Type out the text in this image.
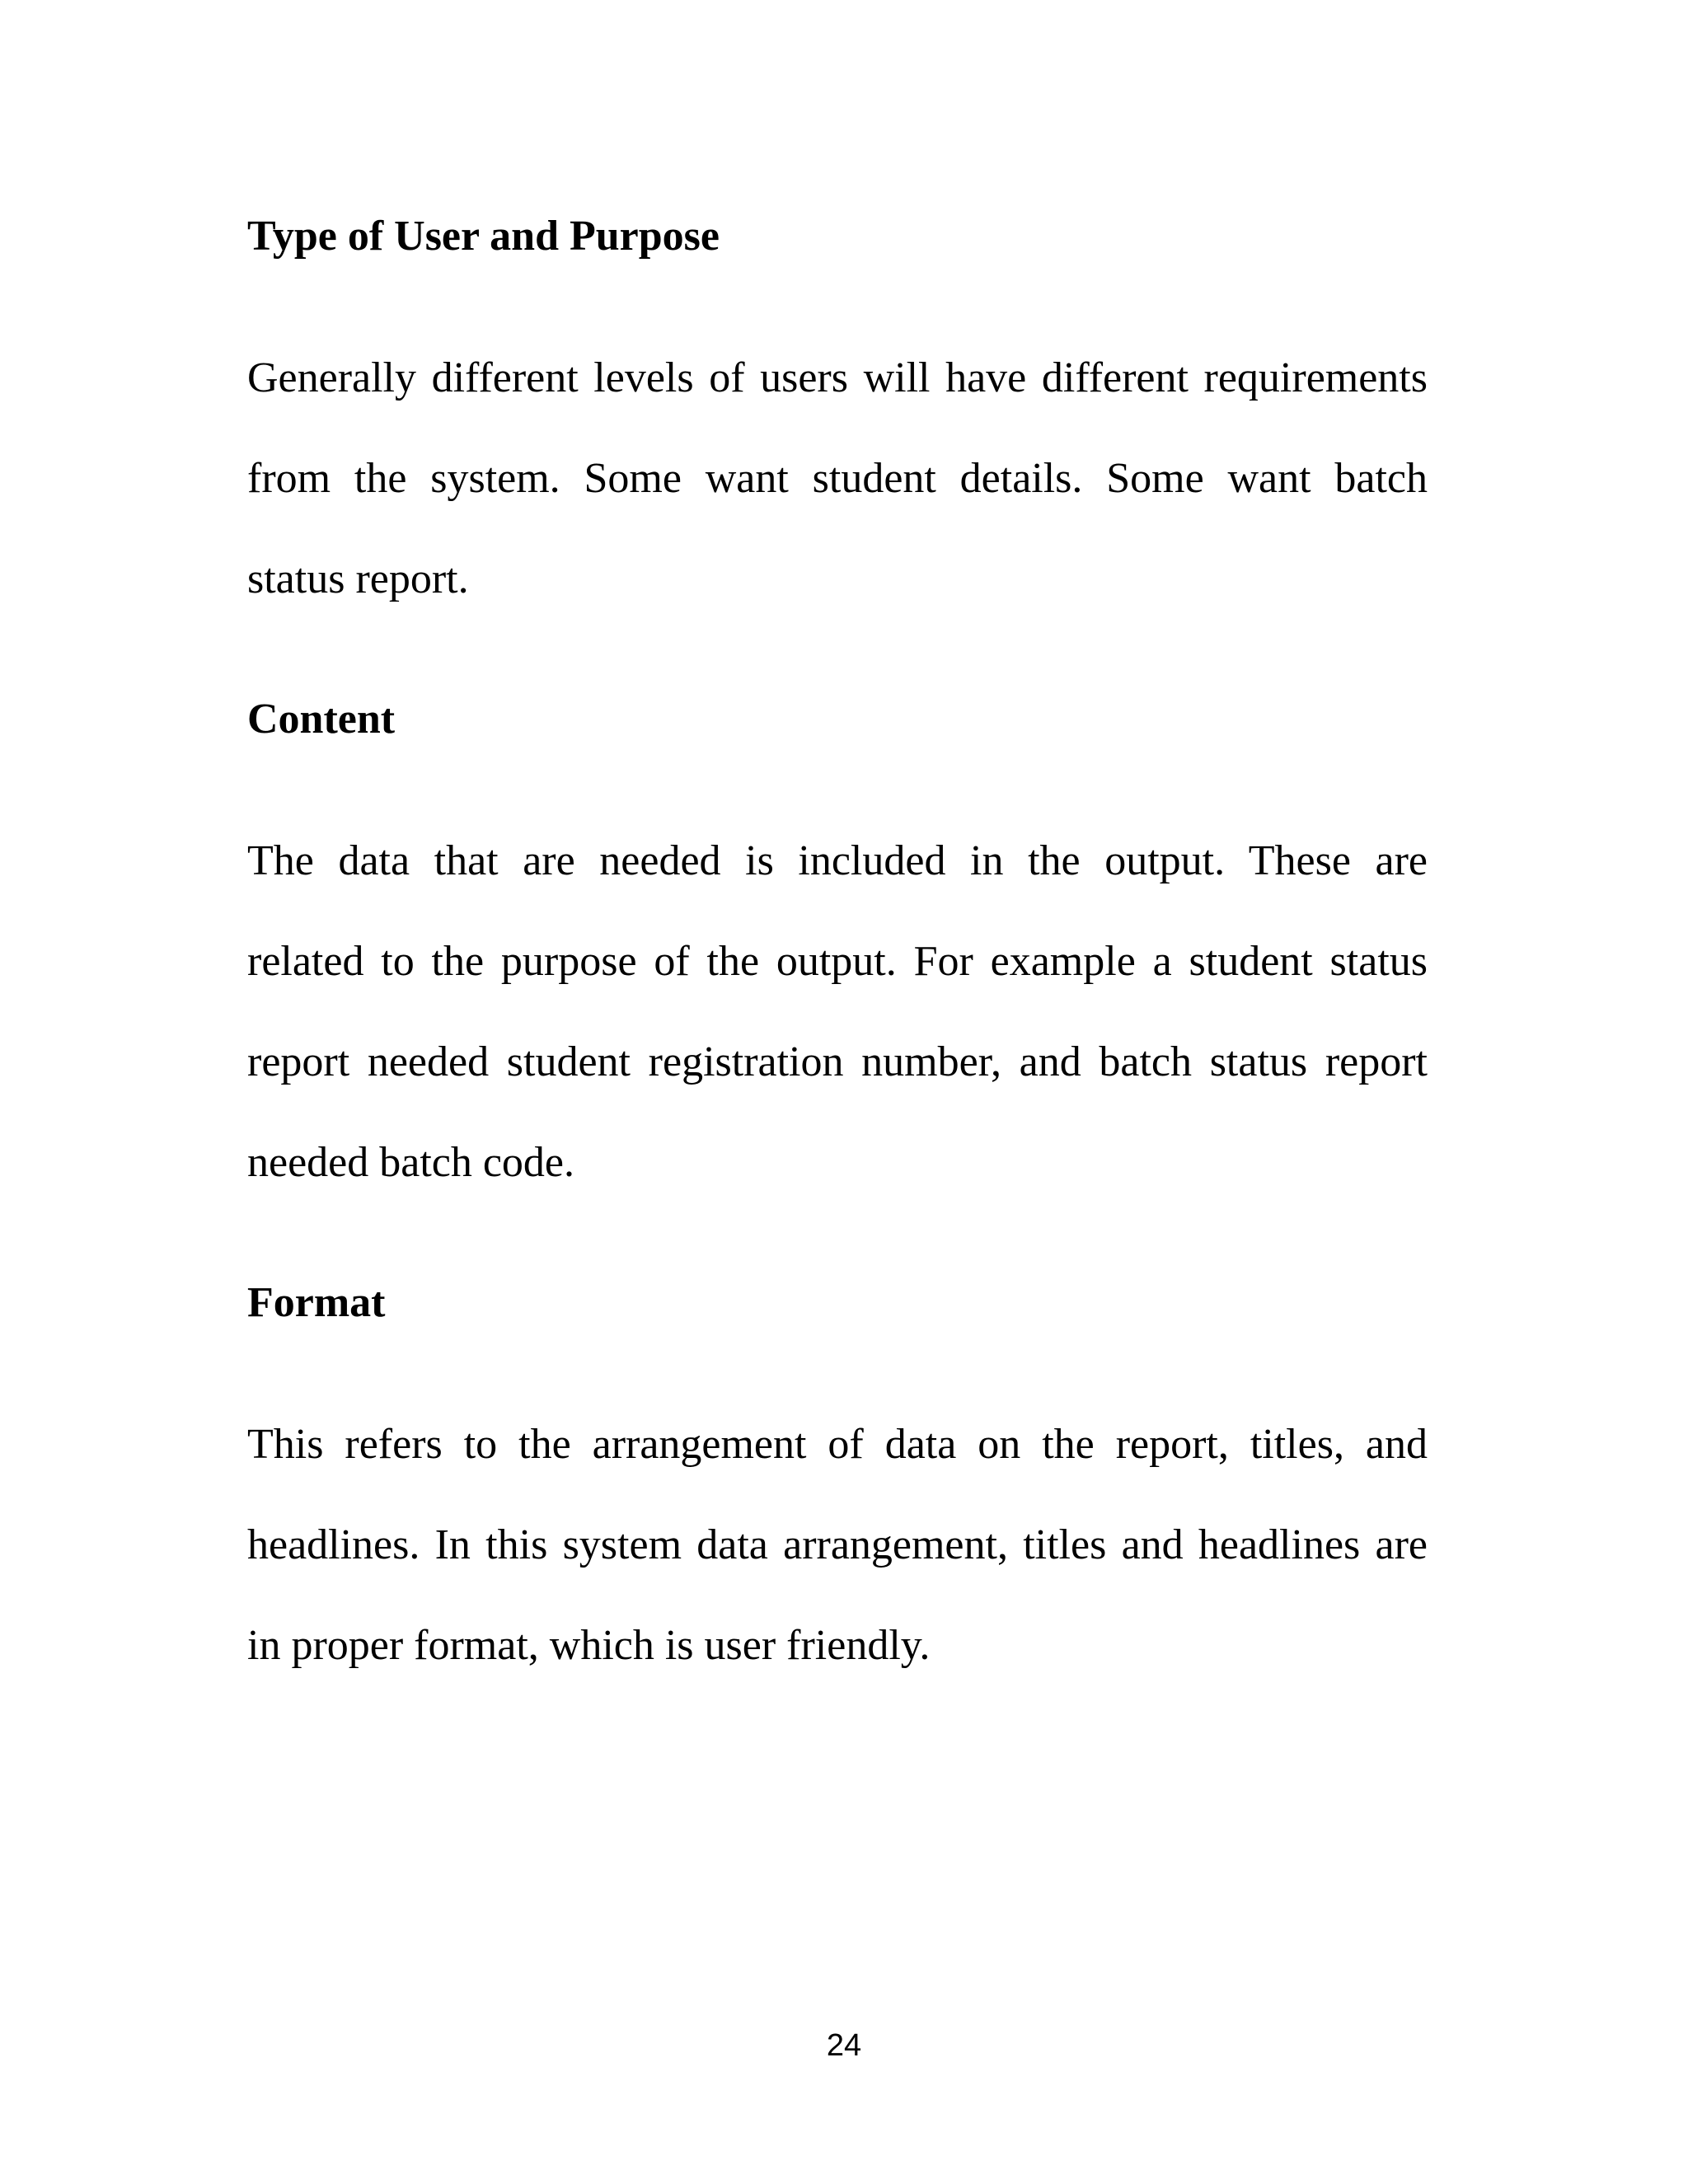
Type of User and Purpose
Generally different levels of users will have different requirements
from the system. Some want student details. Some want batch
status report.
Content
The data that are needed is included in the output. These are
related to the purpose of the output. For example a student status
report needed student registration number, and batch status report
needed batch code.
Format
This refers to the arrangement of data on the report, titles, and
headlines. In this system data arrangement, titles and headlines are
in proper format, which is user friendly.
24
